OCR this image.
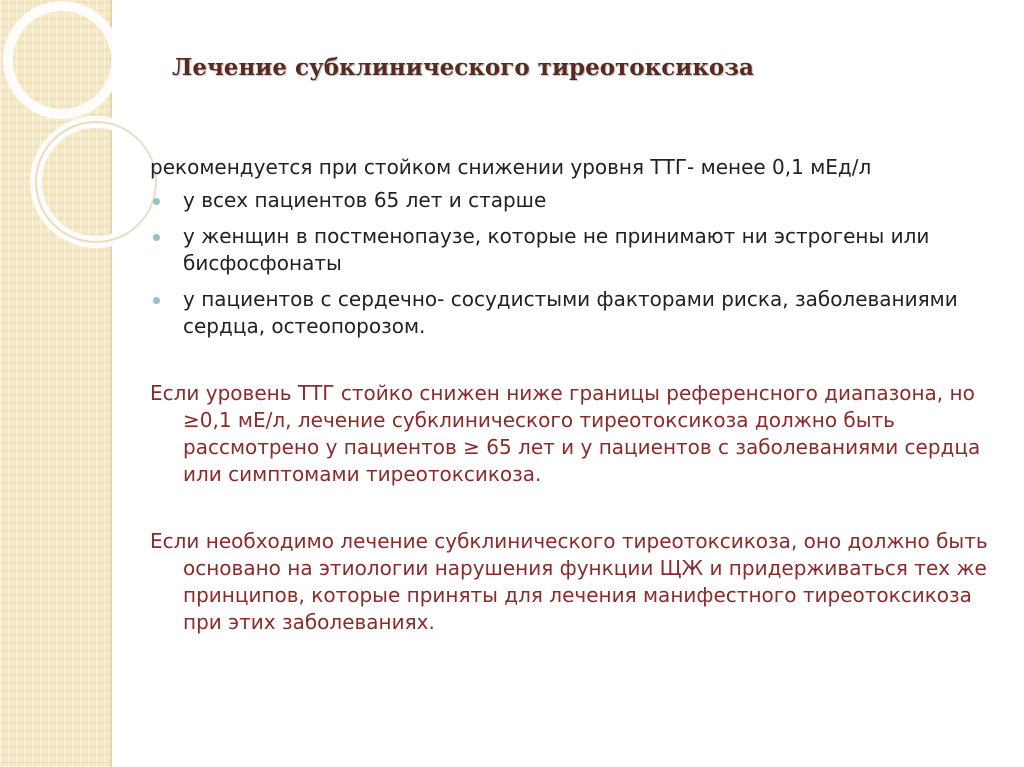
Лечение субклинического тиреотоксикоза

рекомендуется при стойком снижении уровня ТТГ- менее 0,1 мЕд/л

у всех пациентов 65 лет и старше
у женщин в постменопаузе, которые не принимают ни эстрогены или бисфосфонаты
у пациентов с сердечно- сосудистыми факторами риска, заболеваниями сердца, остеопорозом.

Если уровень ТТГ стойко снижен ниже границы референсного диапазона, но ≥0,1 мЕ/л, лечение субклинического тиреотоксикоза должно быть рассмотрено у пациентов ≥ 65 лет и у пациентов с заболеваниями сердца или симптомами тиреотоксикоза.

Если необходимо лечение субклинического тиреотоксикоза, оно должно быть основано на этиологии нарушения функции ЩЖ и придерживаться тех же принципов, которые приняты для лечения манифестного тиреотоксикоза при этих заболеваниях.
